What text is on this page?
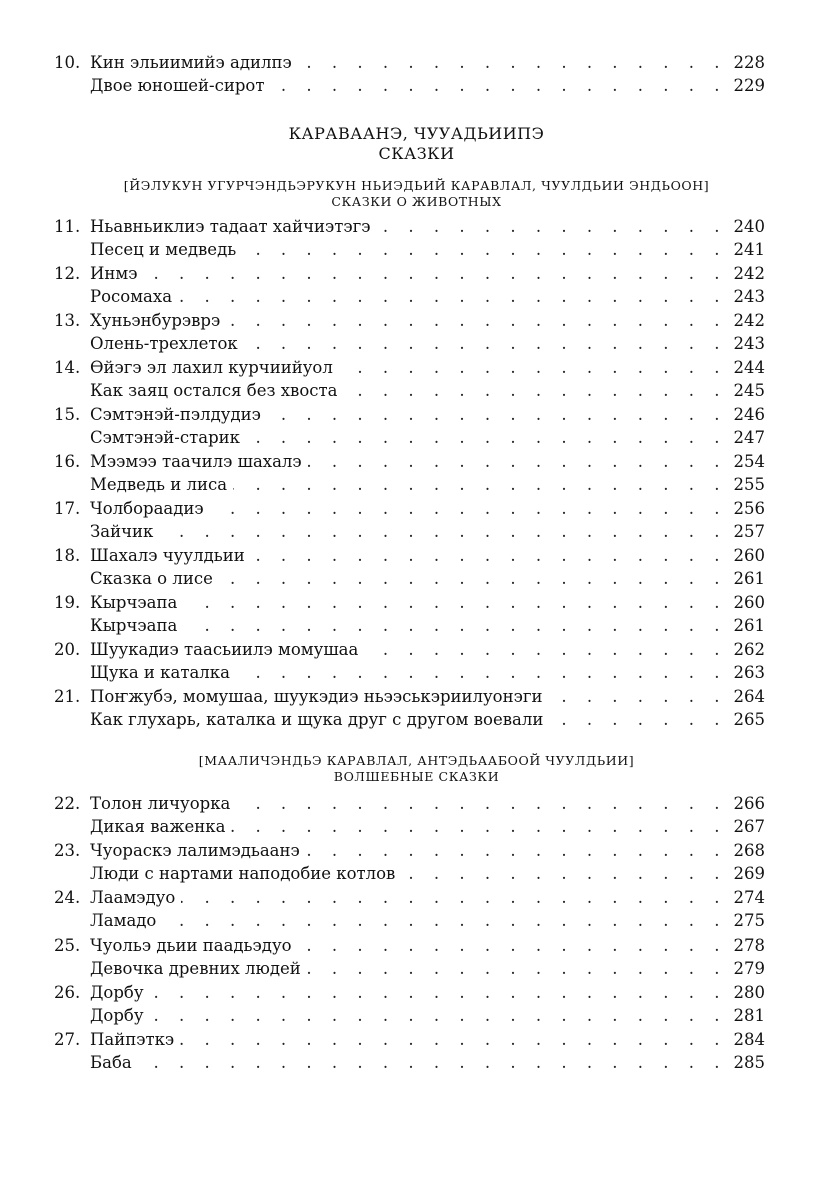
10. . . . Кин эльиимийэ адилпэ	228
. . .
Двое юношей-сирот	229
КАРАВААНЭ, ЧУУАДЬИИПЭ
СКАЗКИ
[ЙЭЛУКУН УГУРЧЭНДЬЭРУКУН НЬИЭДЬИЙ КАРАВЛАЛ, ЧУУЛДЬИИ ЭНДЬООН]
СКАЗКИ О ЖИВОТНЫХ
11. . . . Ньавньиклиэ тадаат хайчиэтэгэ	240
. . .
Песец и медведь	241
12. . . . Инмэ	242
. . .
Росомаха	243
13. . . . Хуньэнбурэврэ	242
. . .
Олень-трехлеток	243
14. . . . Өйэгэ эл лахил курчиийуол	244
. . .
Как заяц остался без хвоста	245
15. . . . Сэмтэнэй-пэлдудиэ	246
. . .
Сэмтэнэй-старик	247
16. . . . Мээмээ таачилэ шахалэ	254
. . .
Медведь и лиса	255
17. . . . Чолбораадиэ	256
. . .
Зайчик	257
18. . . . Шахалэ чуулдьии	260
. . .
Сказка о лисе	261
19. . . . Кырчэапа	260
. . .
Кырчэапа	261
20. . . . Шуукадиэ таасьиилэ момушаа	262
. . .
Щука и каталка	263
21. . . . Поҥжубэ, момушаа, шуукэдиэ ньээськэриилуонэги	264
. . .
Как глухарь, каталка и щука друг с другом воевали	265
[МААЛИЧЭНДЬЭ КАРАВЛАЛ, АНТЭДЬААБООЙ ЧУУЛДЬИИ]
ВОЛШЕБНЫЕ СКАЗКИ
22. . . . Толон личуорка	266
. . .
Дикая важенка	267
23. . . . Чуораскэ лалимэдьаанэ	268
. . .
Люди с нартами наподобие котлов	269
24. . . . Лаамэдуо	274
. . .
Ламадо	275
25. . . . Чуольэ дьии паадьэдуо	278
. . .
Девочка древних людей	279
26. . . . Дорбу	280
. . .
Дорбу	281
27. . . . Пайпэткэ	284
. . .
Баба	285
